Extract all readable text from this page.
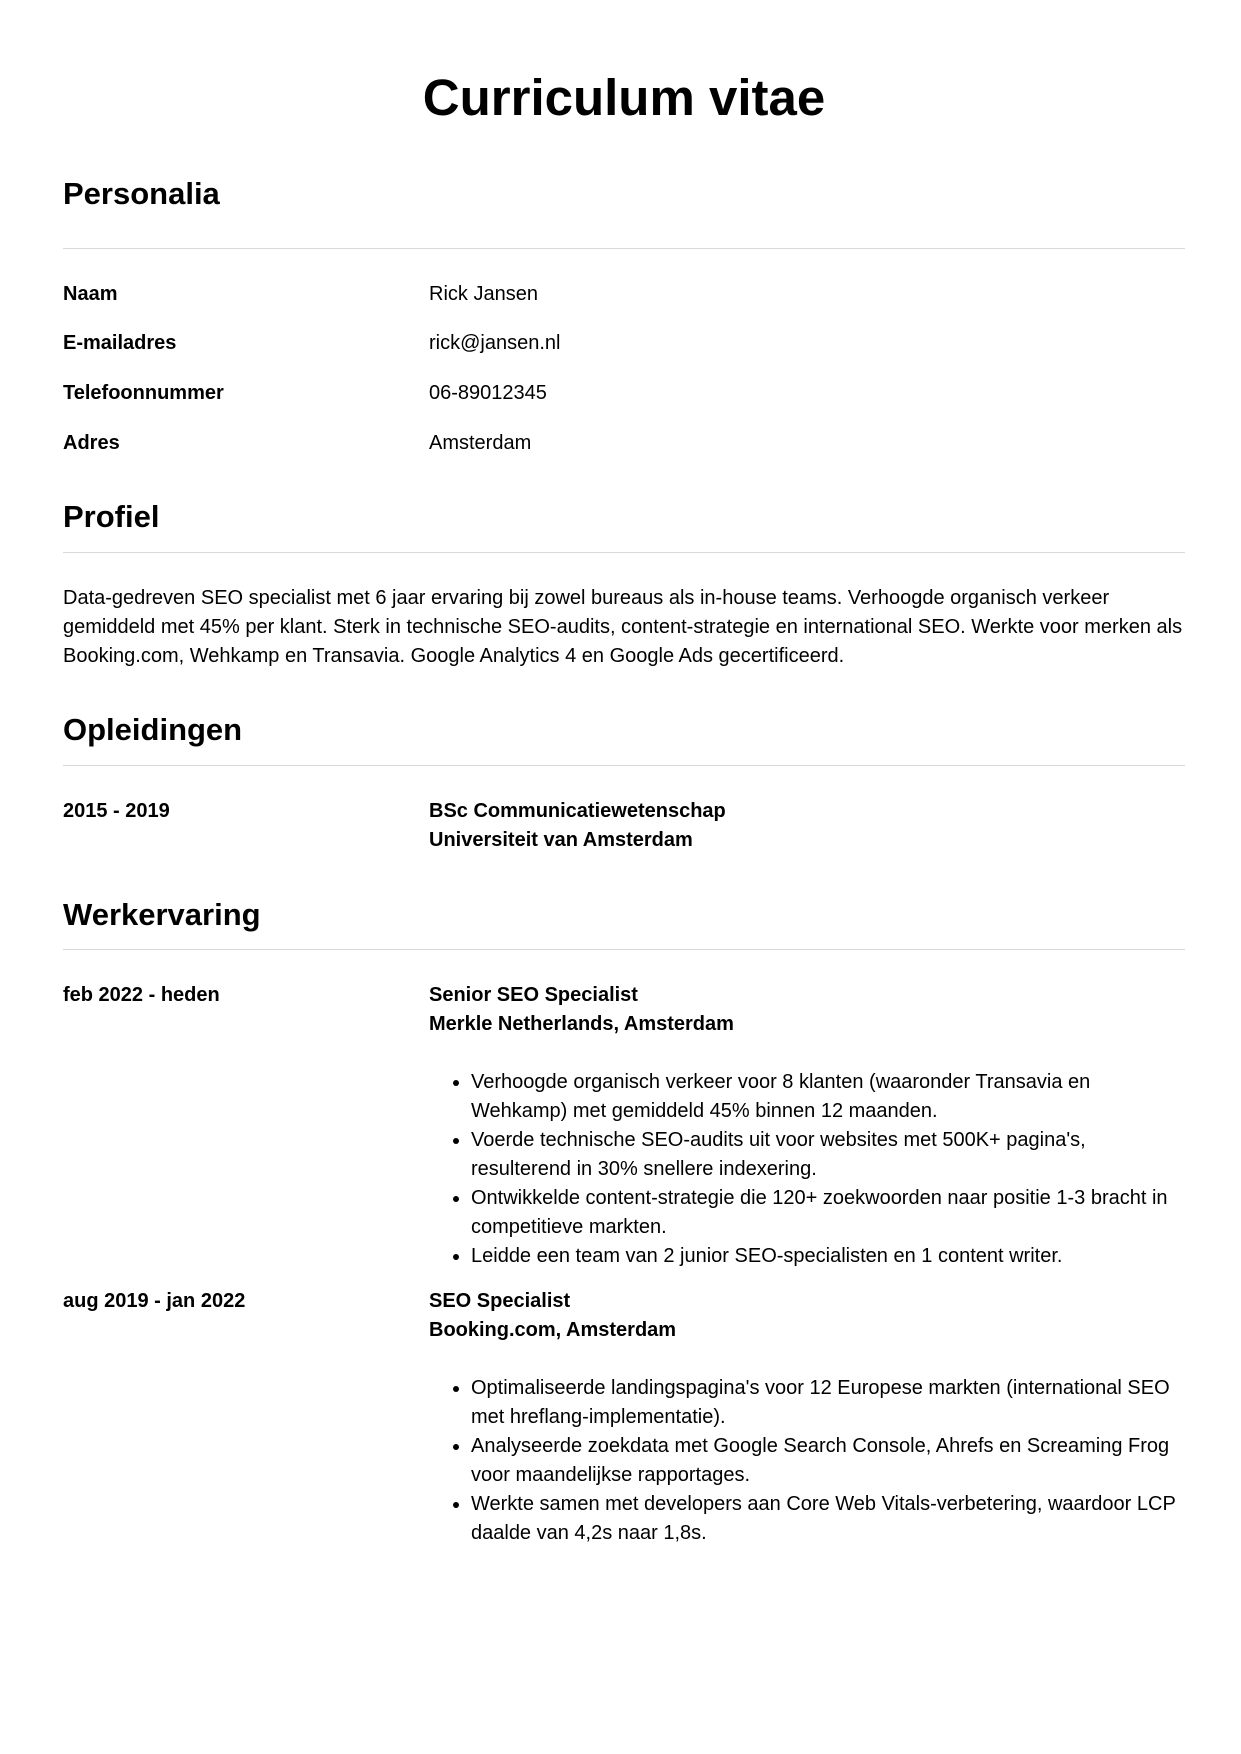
Curriculum vitae
Personalia
Naam	Rick Jansen
E-mailadres	rick@jansen.nl
Telefoonnummer	06-89012345
Adres	Amsterdam
Profiel
Data-gedreven SEO specialist met 6 jaar ervaring bij zowel bureaus als in-house teams. Verhoogde organisch verkeer gemiddeld met 45% per klant. Sterk in technische SEO-audits, content-strategie en international SEO. Werkte voor merken als Booking.com, Wehkamp en Transavia. Google Analytics 4 en Google Ads gecertificeerd.
Opleidingen
2015 - 2019	BSc Communicatiewetenschap
Universiteit van Amsterdam
Werkervaring
feb 2022 - heden	Senior SEO Specialist
Merkle Netherlands, Amsterdam
• Verhoogde organisch verkeer voor 8 klanten (waaronder Transavia en Wehkamp) met gemiddeld 45% binnen 12 maanden.
• Voerde technische SEO-audits uit voor websites met 500K+ pagina's, resulterend in 30% snellere indexering.
• Ontwikkelde content-strategie die 120+ zoekwoorden naar positie 1-3 bracht in competitieve markten.
• Leidde een team van 2 junior SEO-specialisten en 1 content writer.
aug 2019 - jan 2022	SEO Specialist
Booking.com, Amsterdam
• Optimaliseerde landingspagina's voor 12 Europese markten (international SEO met hreflang-implementatie).
• Analyseerde zoekdata met Google Search Console, Ahrefs en Screaming Frog voor maandelijkse rapportages.
• Werkte samen met developers aan Core Web Vitals-verbetering, waardoor LCP daalde van 4,2s naar 1,8s.
